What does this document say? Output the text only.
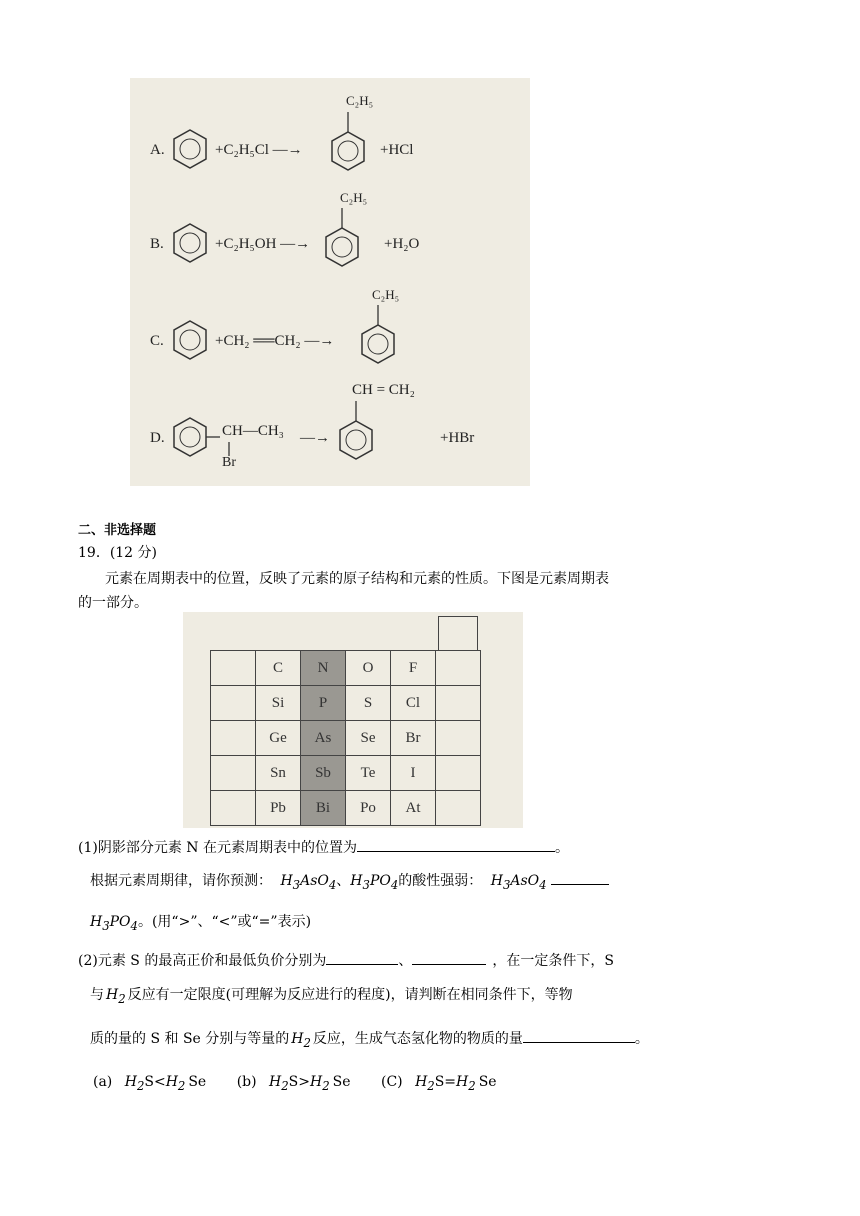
A.	+C₂H₅Cl —→
C₂H₅
+HCl
B.	+C₂H₅OH —→
C₂H₅
+H₂O
C.	+CH₂ ══CH₂ —→
C₂H₅
D.	CH—CH₃
Br
—→
CH = CH₂
+HBr
二、非选择题
19．(12 分)
元素在周期表中的位置，反映了元素的原子结构和元素的性质。下图是元素周期表
的一部分。
	C	N	O	F	
	Si	P	S	Cl	
	Ge	As	Se	Br	
	Sn	Sb	Te	I	
	Pb	Bi	Po	At	
(1)阴影部分元素 N 在元素周期表中的位置为	。
根据元素周期律，请你预测： $H_3AsO_4$、$H_3PO_4$的酸性强弱： $H_3AsO_4$
$H_3PO_4$。(用“>”、“<”或“=”表示)
(2)元素 S 的最高正价和最低负价分别为	、	，在一定条件下，S
与 $H_2$ 反应有一定限度(可理解为反应进行的程度)，请判断在相同条件下，等物
质的量的 S 和 Se 分别与等量的 $H_2$ 反应，生成气态氢化物的物质的量	。
(a) $H_2S<H_2$ Se (b) $H_2S>H_2$ Se (C) $H_2S=H_2$ Se
